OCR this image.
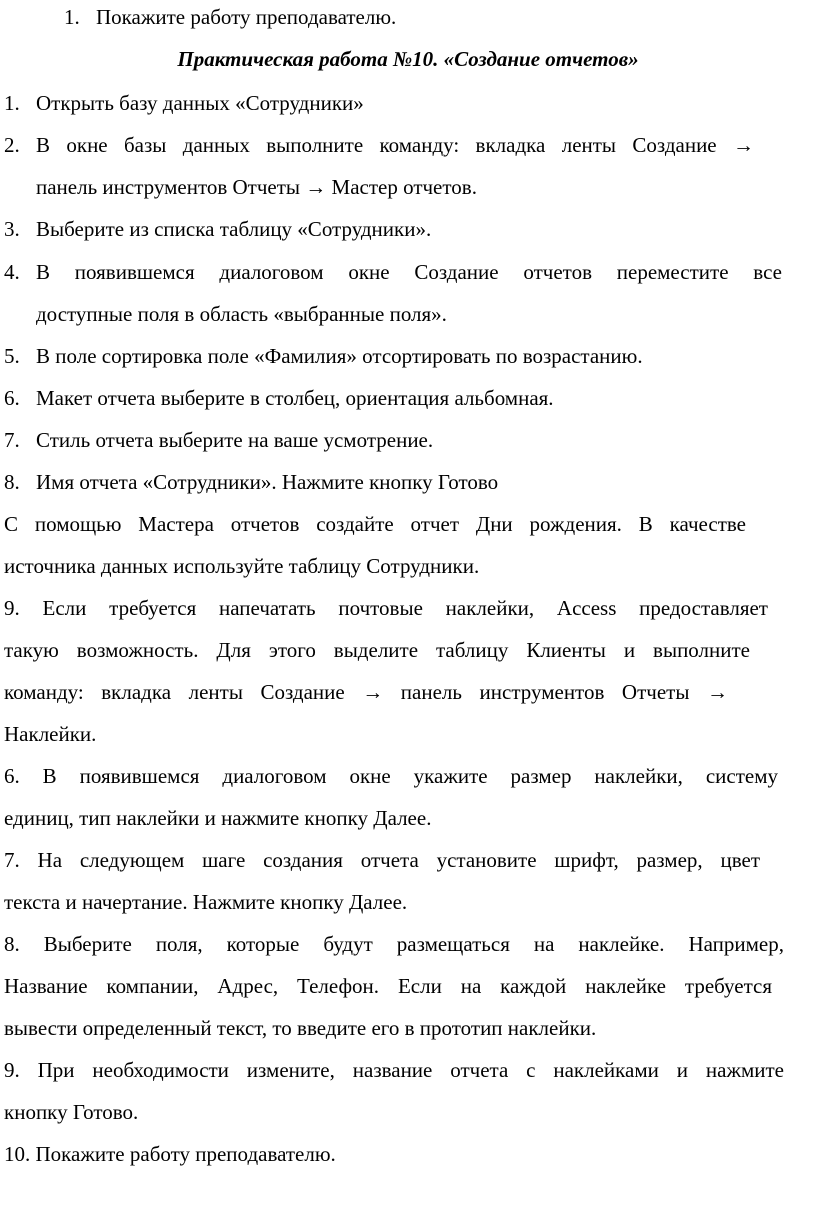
1. Покажите работу преподавателю.
Практическая работа №10. «Создание отчетов»
1. Открыть базу данных «Сотрудники»
2. В окне базы данных выполните команду: вкладка ленты Создание →
панель инструментов Отчеты → Мастер отчетов.
3. Выберите из списка таблицу «Сотрудники».
4. В появившемся диалоговом окне Создание отчетов переместите все
доступные поля в область «выбранные поля».
5. В поле сортировка поле «Фамилия» отсортировать по возрастанию.
6. Макет отчета выберите в столбец, ориентация альбомная.
7. Стиль отчета выберите на ваше усмотрение.
8. Имя отчета «Сотрудники». Нажмите кнопку Готово
С помощью Мастера отчетов создайте отчет Дни рождения. В качестве
источника данных используйте таблицу Сотрудники.
9. Если требуется напечатать почтовые наклейки, Access предоставляет
такую возможность. Для этого выделите таблицу Клиенты и выполните
команду: вкладка ленты Создание → панель инструментов Отчеты →
Наклейки.
6. В появившемся диалоговом окне укажите размер наклейки, систему
единиц, тип наклейки и нажмите кнопку Далее.
7. На следующем шаге создания отчета установите шрифт, размер, цвет
текста и начертание. Нажмите кнопку Далее.
8. Выберите поля, которые будут размещаться на наклейке. Например,
Название компании, Адрес, Телефон. Если на каждой наклейке требуется
вывести определенный текст, то введите его в прототип наклейки.
9. При необходимости измените, название отчета с наклейками и нажмите
кнопку Готово.
10. Покажите работу преподавателю.
